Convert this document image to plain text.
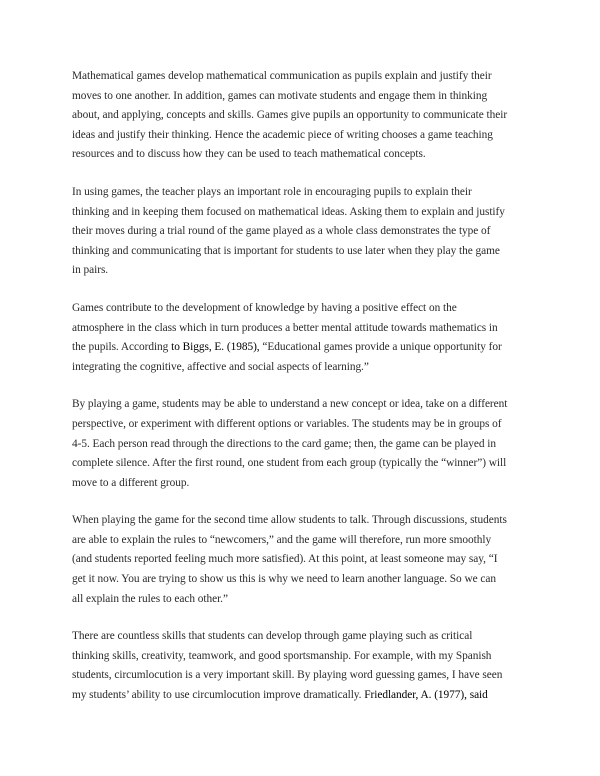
Mathematical games develop mathematical communication as pupils explain and justify their
moves to one another. In addition, games can motivate students and engage them in thinking
about, and applying, concepts and skills. Games give pupils an opportunity to communicate their
ideas and justify their thinking. Hence the academic piece of writing chooses a game teaching
resources and to discuss how they can be used to teach mathematical concepts.

In using games, the teacher plays an important role in encouraging pupils to explain their
thinking and in keeping them focused on mathematical ideas. Asking them to explain and justify
their moves during a trial round of the game played as a whole class demonstrates the type of
thinking and communicating that is important for students to use later when they play the game
in pairs.

Games contribute to the development of knowledge by having a positive effect on the
atmosphere in the class which in turn produces a better mental attitude towards mathematics in
the pupils. According to Biggs, E. (1985), “Educational games provide a unique opportunity for
integrating the cognitive, affective and social aspects of learning.”

By playing a game, students may be able to understand a new concept or idea, take on a different
perspective, or experiment with different options or variables. The students may be in groups of
4-5. Each person read through the directions to the card game; then, the game can be played in
complete silence. After the first round, one student from each group (typically the “winner”) will
move to a different group.

When playing the game for the second time allow students to talk. Through discussions, students
are able to explain the rules to “newcomers,” and the game will therefore, run more smoothly
(and students reported feeling much more satisfied). At this point, at least someone may say, “I
get it now. You are trying to show us this is why we need to learn another language. So we can
all explain the rules to each other.”

There are countless skills that students can develop through game playing such as critical
thinking skills, creativity, teamwork, and good sportsmanship. For example, with my Spanish
students, circumlocution is a very important skill. By playing word guessing games, I have seen
my students’ ability to use circumlocution improve dramatically. Friedlander, A. (1977), said
